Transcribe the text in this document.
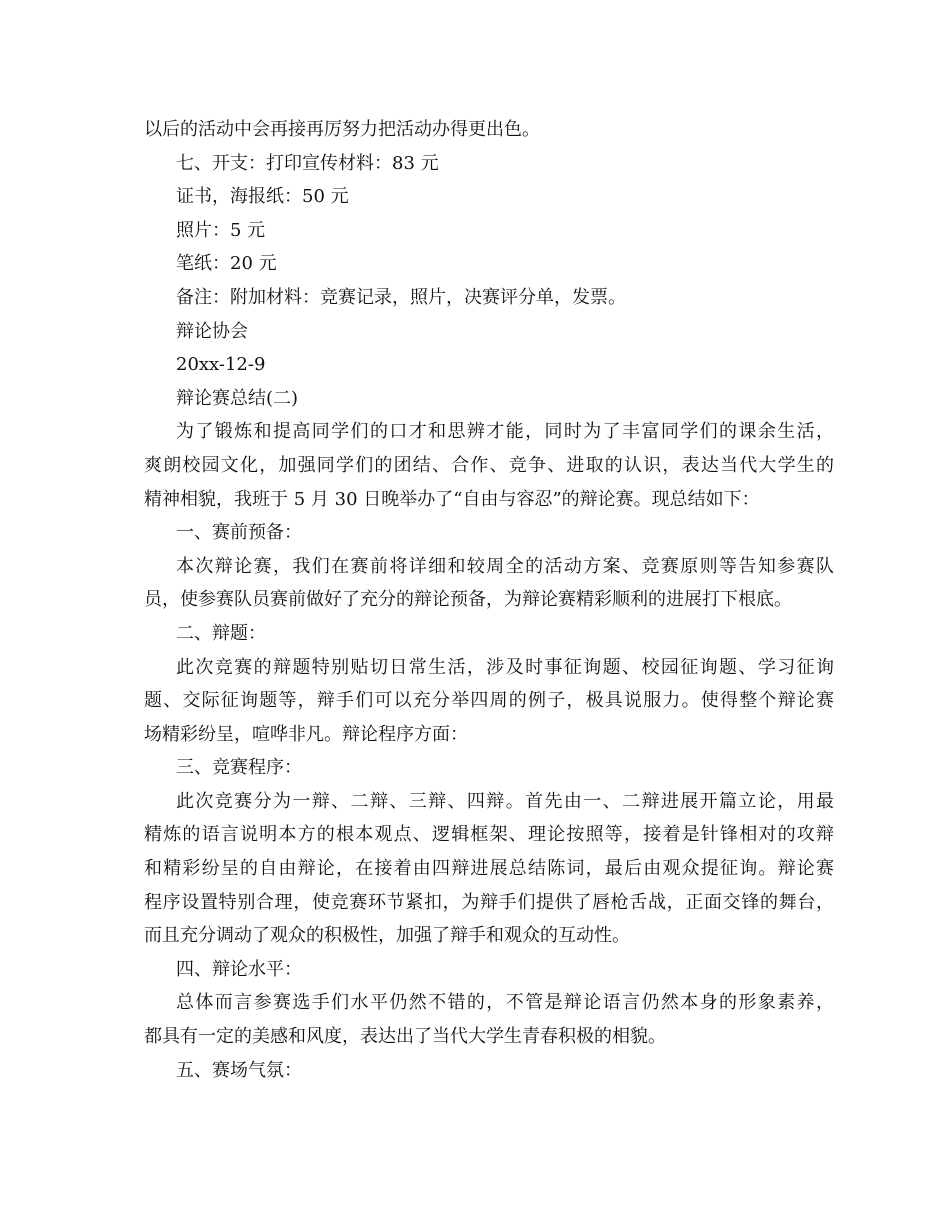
以后的活动中会再接再厉努力把活动办得更出色。
七、开支：打印宣传材料：83 元
证书，海报纸：50 元
照片：5 元
笔纸：20 元
备注：附加材料：竞赛记录，照片，决赛评分单，发票。
辩论协会
20xx-12-9
辩论赛总结(二)
为了锻炼和提高同学们的口才和思辨才能，同时为了丰富同学们的课余生活，
爽朗校园文化，加强同学们的团结、合作、竞争、进取的认识，表达当代大学生的
精神相貌，我班于 5 月 30 日晚举办了“自由与容忍”的辩论赛。现总结如下：
一、赛前预备：
本次辩论赛，我们在赛前将详细和较周全的活动方案、竞赛原则等告知参赛队
员，使参赛队员赛前做好了充分的辩论预备，为辩论赛精彩顺利的进展打下根底。
二、辩题：
此次竞赛的辩题特别贴切日常生活，涉及时事征询题、校园征询题、学习征询
题、交际征询题等，辩手们可以充分举四周的例子，极具说服力。使得整个辩论赛
场精彩纷呈，喧哗非凡。辩论程序方面：
三、竞赛程序：
此次竞赛分为一辩、二辩、三辩、四辩。首先由一、二辩进展开篇立论，用最
精炼的语言说明本方的根本观点、逻辑框架、理论按照等，接着是针锋相对的攻辩
和精彩纷呈的自由辩论，在接着由四辩进展总结陈词，最后由观众提征询。辩论赛
程序设置特别合理，使竞赛环节紧扣，为辩手们提供了唇枪舌战，正面交锋的舞台，
而且充分调动了观众的积极性，加强了辩手和观众的互动性。
四、辩论水平：
总体而言参赛选手们水平仍然不错的，不管是辩论语言仍然本身的形象素养，
都具有一定的美感和风度，表达出了当代大学生青春积极的相貌。
五、赛场气氛：
